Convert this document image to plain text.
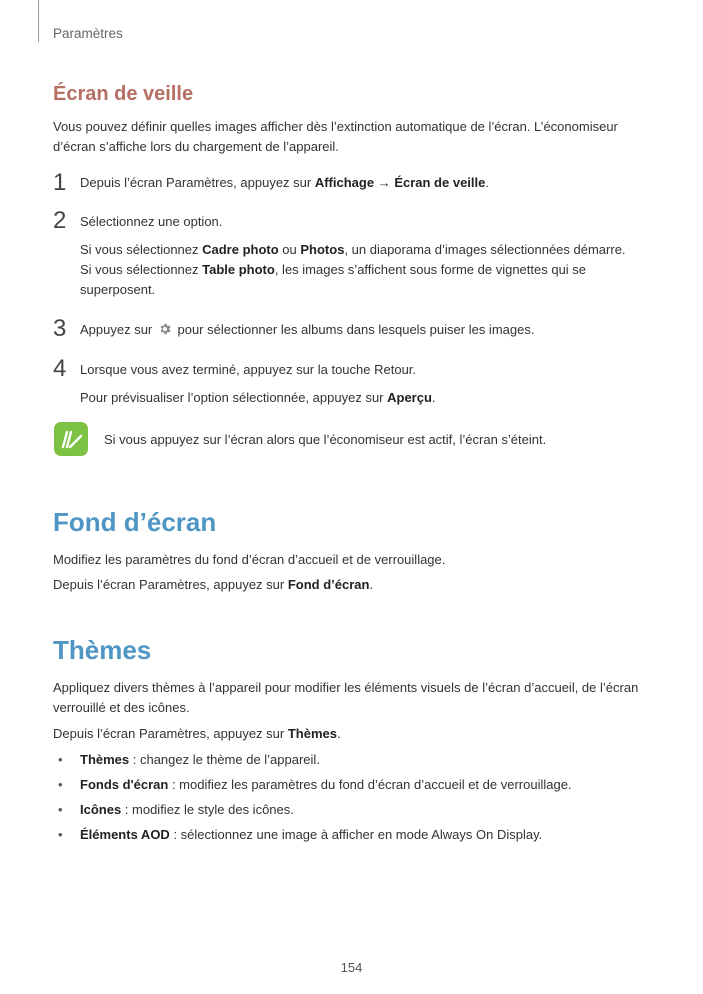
Paramètres
Écran de veille

Vous pouvez définir quelles images afficher dès l’extinction automatique de l’écran. L’économiseur d’écran s’affiche lors du chargement de l’appareil.

1 Depuis l’écran Paramètres, appuyez sur Affichage → Écran de veille.

2 Sélectionnez une option.

Si vous sélectionnez Cadre photo ou Photos, un diaporama d’images sélectionnées démarre.
Si vous sélectionnez Table photo, les images s’affichent sous forme de vignettes qui se superposent.

3 Appuyez sur  pour sélectionner les albums dans lesquels puiser les images.

4 Lorsque vous avez terminé, appuyez sur la touche Retour.

Pour prévisualiser l’option sélectionnée, appuyez sur Aperçu.

Si vous appuyez sur l’écran alors que l’économiseur est actif, l’écran s’éteint.

Fond d’écran

Modifiez les paramètres du fond d’écran d’accueil et de verrouillage.

Depuis l’écran Paramètres, appuyez sur Fond d’écran.

Thèmes

Appliquez divers thèmes à l’appareil pour modifier les éléments visuels de l’écran d’accueil, de l’écran verrouillé et des icônes.

Depuis l’écran Paramètres, appuyez sur Thèmes.

• Thèmes : changez le thème de l’appareil.
• Fonds d'écran : modifiez les paramètres du fond d’écran d’accueil et de verrouillage.
• Icônes : modifiez le style des icônes.
• Éléments AOD : sélectionnez une image à afficher en mode Always On Display.
154
